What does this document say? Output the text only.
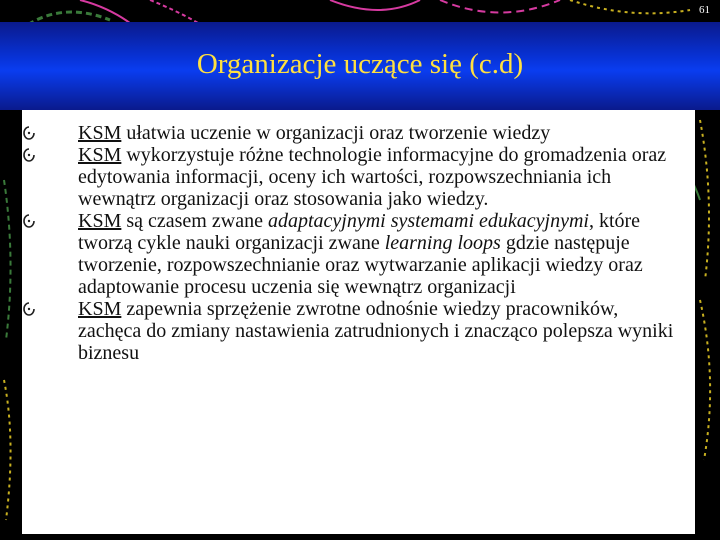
61
Organizacje uczące się (c.d)
KSM ułatwia uczenie w organizacji oraz tworzenie wiedzy
KSM wykorzystuje różne technologie informacyjne do gromadzenia oraz edytowania informacji, oceny ich wartości, rozpowszechniania ich wewnątrz organizacji oraz stosowania jako wiedzy.
KSM są czasem zwane adaptacyjnymi systemami edukacyjnymi, które tworzą cykle nauki organizacji zwane learning loops gdzie następuje tworzenie, rozpowszechnianie oraz wytwarzanie aplikacji wiedzy oraz adaptowanie procesu uczenia się wewnątrz organizacji
KSM zapewnia sprzężenie zwrotne odnośnie wiedzy pracowników, zachęca do zmiany nastawienia zatrudnionych i znacząco polepsza wyniki biznesu
